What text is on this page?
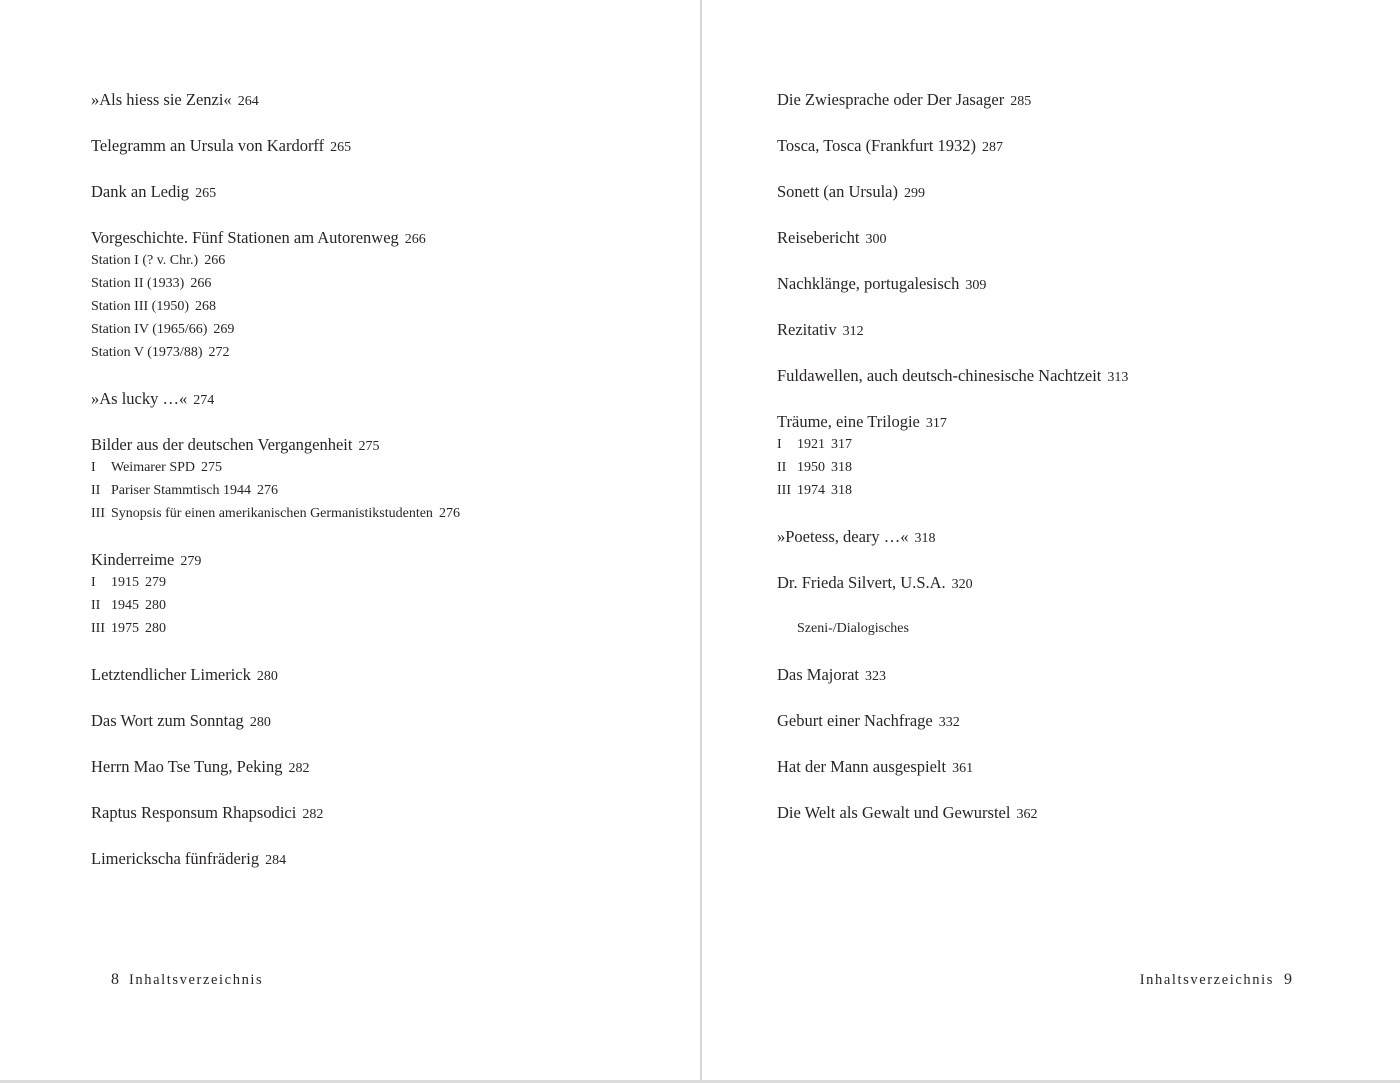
»Als hiess sie Zenzi« 264
Telegramm an Ursula von Kardorff 265
Dank an Ledig 265
Vorgeschichte. Fünf Stationen am Autorenweg 266
Station I (? v. Chr.) 266
Station II (1933) 266
Station III (1950) 268
Station IV (1965/66) 269
Station V (1973/88) 272
»As lucky …« 274
Bilder aus der deutschen Vergangenheit 275
I Weimarer SPD 275
II Pariser Stammtisch 1944 276
III Synopsis für einen amerikanischen Germanistikstudenten 276
Kinderreime 279
I 1915 279
II 1945 280
III 1975 280
Letztendlicher Limerick 280
Das Wort zum Sonntag 280
Herrn Mao Tse Tung, Peking 282
Raptus Responsum Rhapsodici 282
Limerickscha fünfräderig 284
8 Inhaltsverzeichnis
Die Zwiesprache oder Der Jasager 285
Tosca, Tosca (Frankfurt 1932) 287
Sonett (an Ursula) 299
Reisebericht 300
Nachklänge, portugalesisch 309
Rezitativ 312
Fuldawellen, auch deutsch-chinesische Nachtzeit 313
Träume, eine Trilogie 317
I 1921 317
II 1950 318
III 1974 318
»Poetess, deary …« 318
Dr. Frieda Silvert, U.S.A. 320
Szeni-/Dialogisches
Das Majorat 323
Geburt einer Nachfrage 332
Hat der Mann ausgespielt 361
Die Welt als Gewalt und Gewurstel 362
Inhaltsverzeichnis 9
